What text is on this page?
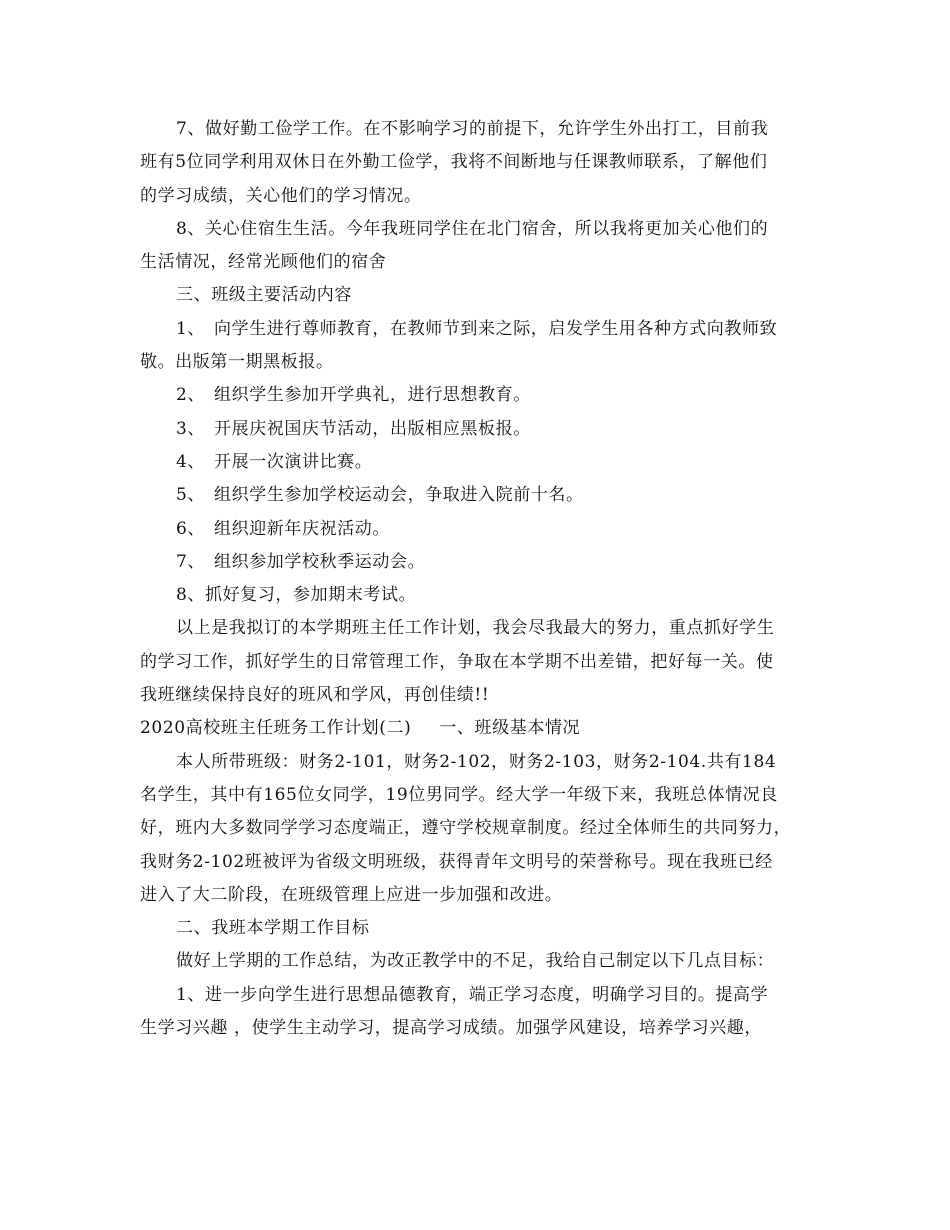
7、做好勤工俭学工作。在不影响学习的前提下，允许学生外出打工，目前我
班有5位同学利用双休日在外勤工俭学，我将不间断地与任课教师联系，了解他们
的学习成绩，关心他们的学习情况。
8、关心住宿生生活。今年我班同学住在北门宿舍，所以我将更加关心他们的
生活情况，经常光顾他们的宿舍
三、班级主要活动内容
1、 向学生进行尊师教育，在教师节到来之际，启发学生用各种方式向教师致
敬。出版第一期黑板报。
2、 组织学生参加开学典礼，进行思想教育。
3、 开展庆祝国庆节活动，出版相应黑板报。
4、 开展一次演讲比赛。
5、 组织学生参加学校运动会，争取进入院前十名。
6、 组织迎新年庆祝活动。
7、 组织参加学校秋季运动会。
8、抓好复习，参加期末考试。
以上是我拟订的本学期班主任工作计划，我会尽我最大的努力，重点抓好学生
的学习工作，抓好学生的日常管理工作，争取在本学期不出差错，把好每一关。使
我班继续保持良好的班风和学风，再创佳绩!!
2020高校班主任班务工作计划(二) 一、班级基本情况
本人所带班级：财务2-101，财务2-102，财务2-103，财务2-104.共有184
名学生，其中有165位女同学，19位男同学。经大学一年级下来，我班总体情况良
好，班内大多数同学学习态度端正，遵守学校规章制度。经过全体师生的共同努力，
我财务2-102班被评为省级文明班级，获得青年文明号的荣誉称号。现在我班已经
进入了大二阶段，在班级管理上应进一步加强和改进。
二、我班本学期工作目标
做好上学期的工作总结，为改正教学中的不足，我给自己制定以下几点目标：
1、进一步向学生进行思想品德教育，端正学习态度，明确学习目的。提高学
生学习兴趣 ，使学生主动学习，提高学习成绩。加强学风建设，培养学习兴趣，
